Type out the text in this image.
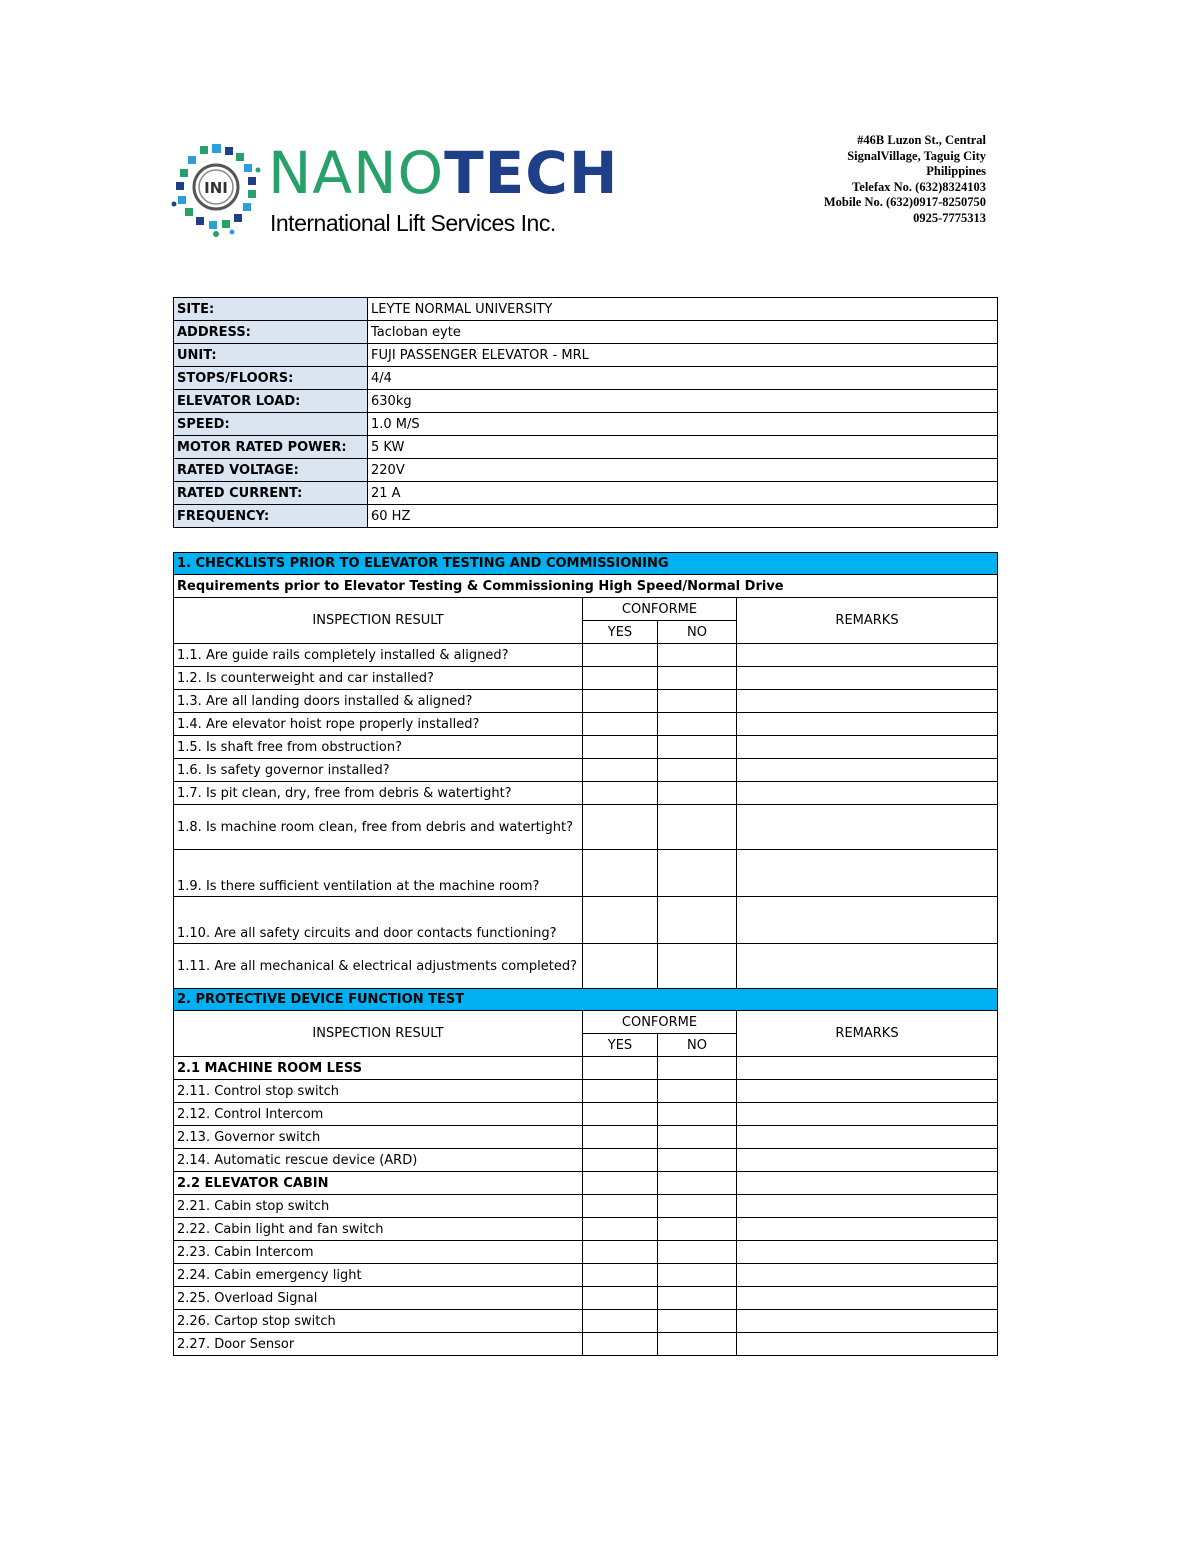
INI NANOTECH
International Lift Services Inc.
#46B Luzon St., Central
SignalVillage, Taguig City
Philippines
Telefax No. (632)8324103
Mobile No. (632)0917-8250750
0925-7775313
SITE:	LEYTE NORMAL UNIVERSITY
ADDRESS:	Tacloban eyte
UNIT:	FUJI PASSENGER ELEVATOR - MRL
STOPS/FLOORS:	4/4
ELEVATOR LOAD:	630kg
SPEED:	1.0 M/S
MOTOR RATED POWER:	5 KW
RATED VOLTAGE:	220V
RATED CURRENT:	21 A
FREQUENCY:	60 HZ
1. CHECKLISTS PRIOR TO ELEVATOR TESTING AND COMMISSIONING			
Requirements prior to Elevator Testing & Commissioning High Speed/Normal Drive			
INSPECTION RESULT	CONFORME		REMARKS
	YES	NO	
1.1. Are guide rails completely installed & aligned?			
1.2. Is counterweight and car installed?			
1.3. Are all landing doors installed & aligned?			
1.4. Are elevator hoist rope properly installed?			
1.5. Is shaft free from obstruction?			
1.6. Is safety governor installed?			
1.7. Is pit clean, dry, free from debris & watertight?			
1.8. Is machine room clean, free from debris and watertight?			
1.9. Is there sufficient ventilation at the machine room?			
1.10. Are all safety circuits and door contacts functioning?			
1.11. Are all mechanical & electrical adjustments completed?			
2. PROTECTIVE DEVICE FUNCTION TEST			
INSPECTION RESULT	CONFORME		REMARKS
	YES	NO	
2.1 MACHINE ROOM LESS			
2.11. Control stop switch			
2.12. Control Intercom			
2.13. Governor switch			
2.14. Automatic rescue device (ARD)			
2.2 ELEVATOR CABIN			
2.21. Cabin stop switch			
2.22. Cabin light and fan switch			
2.23. Cabin Intercom			
2.24. Cabin emergency light			
2.25. Overload Signal			
2.26. Cartop stop switch			
2.27. Door Sensor			
